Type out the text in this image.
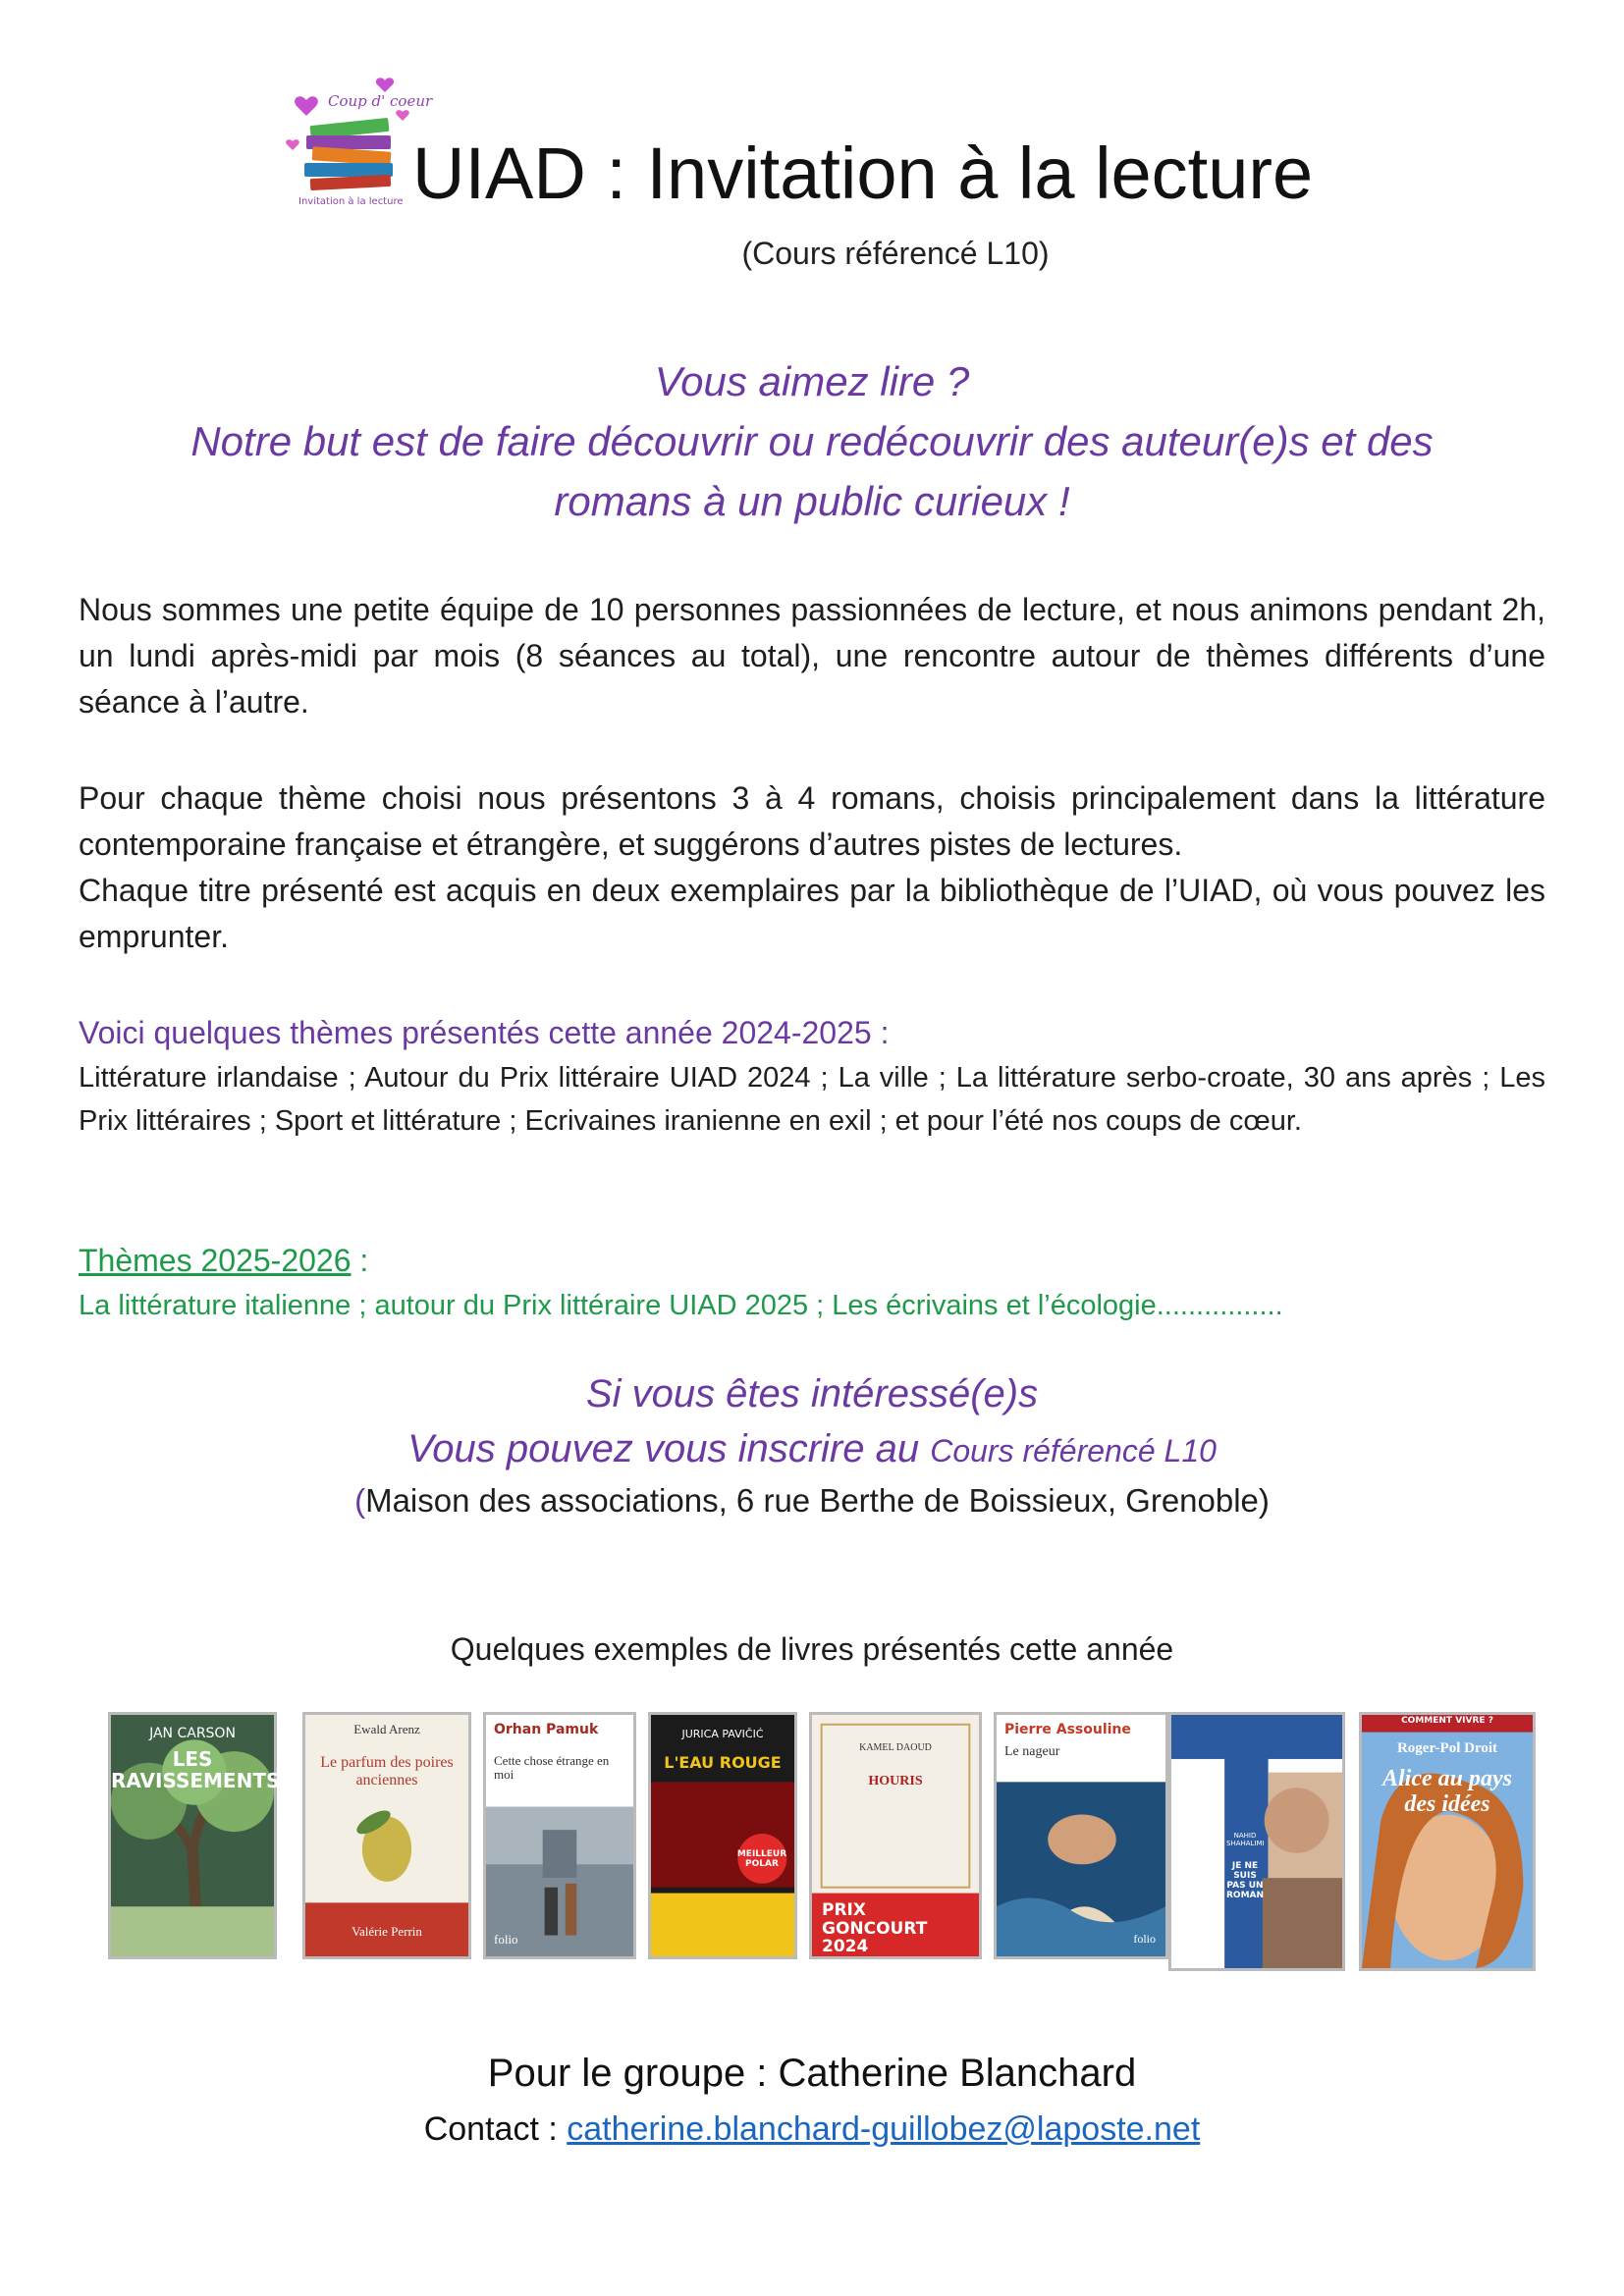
Coup d' coeur
Invitation à la lecture UIAD : Invitation à la lecture
(Cours référencé L10)
Vous aimez lire ?
Notre but est de faire découvrir ou redécouvrir des auteur(e)s et des
romans à un public curieux !

Nous sommes une petite équipe de 10 personnes passionnées de lecture, et nous animons pendant 2h, un lundi après-midi par mois (8 séances au total), une rencontre autour de thèmes différents d’une séance à l’autre.

Pour chaque thème choisi nous présentons 3 à 4 romans, choisis principalement dans la littérature contemporaine française et étrangère, et suggérons d’autres pistes de lectures.

Chaque titre présenté est acquis en deux exemplaires par la bibliothèque de l’UIAD, où vous pouvez les emprunter.

Voici quelques thèmes présentés cette année 2024-2025 :
Littérature irlandaise ; Autour du Prix littéraire UIAD 2024 ; La ville ; La littérature serbo-croate, 30 ans après ; Les Prix littéraires ; Sport et littérature ; Ecrivaines iranienne en exil ; et pour l’été nos coups de cœur.
Thèmes 2025-2026 :
La littérature italienne ; autour du Prix littéraire UIAD 2025 ; Les écrivains et l’écologie................
Si vous êtes intéressé(e)s
Vous pouvez vous inscrire au Cours référencé L10
(Maison des associations, 6 rue Berthe de Boissieux, Grenoble)
Quelques exemples de livres présentés cette année
JAN CARSON
LES RAVISSEMENTS
Ewald Arenz
Le parfum des poires anciennes
Valérie Perrin
Orhan Pamuk
Cette chose étrange en moi
folio
JURICA PAVIČIĆ
L'EAU ROUGE
MEILLEUR POLAR
KAMEL DAOUD
HOURIS
PRIX GONCOURT 2024
Pierre Assouline
Le nageur
folio
NAHID SHAHALIMI
JE NE SUIS PAS UN ROMAN
COMMENT VIVRE ?
Roger-Pol Droit
Alice au pays des idées
Pour le groupe : Catherine Blanchard
Contact : catherine.blanchard-guillobez@laposte.net
